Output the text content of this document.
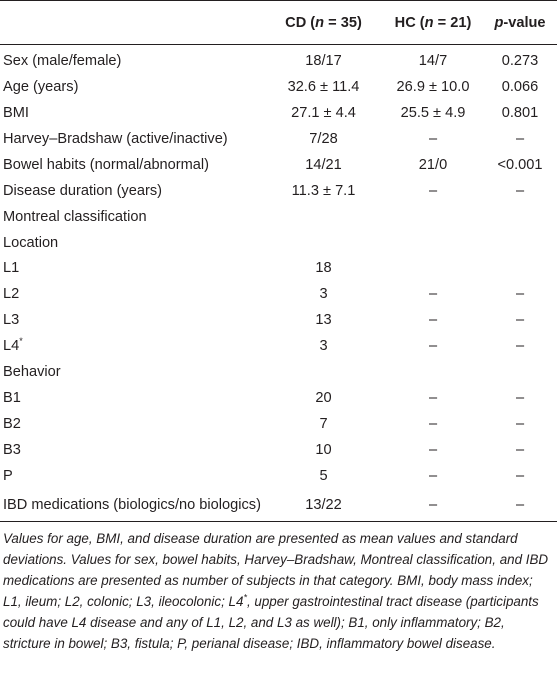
	CD (n = 35)	HC (n = 21)	p-value
Sex (male/female)	18/17	14/7	0.273
Age (years)	32.6 ± 11.4	26.9 ± 10.0	0.066
BMI	27.1 ± 4.4	25.5 ± 4.9	0.801
Harvey–Bradshaw (active/inactive)	7/28	–	–
Bowel habits (normal/abnormal)	14/21	21/0	<0.001
Disease duration (years)	11.3 ± 7.1	–	–
Montreal classification			
Location			
L1	18		
L2	3	–	–
L3	13	–	–
L4*	3	–	–
Behavior			
B1	20	–	–
B2	7	–	–
B3	10	–	–
P	5	–	–
IBD medications (biologics/no biologics)	13/22	–	–
Values for age, BMI, and disease duration are presented as mean values and standard deviations. Values for sex, bowel habits, Harvey–Bradshaw, Montreal classification, and IBD medications are presented as number of subjects in that category. BMI, body mass index; L1, ileum; L2, colonic; L3, ileocolonic; L4*, upper gastrointestinal tract disease (participants could have L4 disease and any of L1, L2, and L3 as well); B1, only inflammatory; B2, stricture in bowel; B3, fistula; P, perianal disease; IBD, inflammatory bowel disease.
